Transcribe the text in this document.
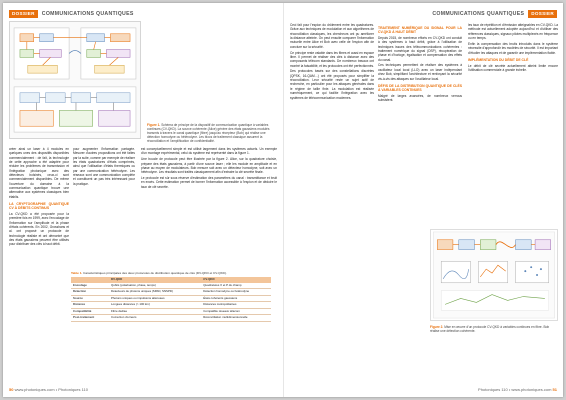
DOSSIER	COMMUNICATIONS QUANTIQUES
Figure 1. Schéma de principe de la dispositif de communication quantique à variables continues (CV-QKD). La source cohérente (Alice) génère des états gaussiens modulés transmis à travers le canal quantique (fibre) jusqu'au récepteur (Bob) qui réalise une détection homodyne ou hétérodyne. Les blocs de traitement classique assurent la réconciliation et l'amplification de confidentialité.

créer ainsi un laser à 4 modules en quelques unes des dispositifs disponibles commercialement : de fait, la technologie de cette approche a été adaptée pour réduire les problèmes de transmission et l'intégration photonique avec des détecteurs bolsinés, ceux-ci sont commercialement disponibles. De même l'ouverture du domaine à la communication quantique trouve une alternative aux systèmes classiques bien établis.

LA CRYPTOGRAPHIE QUANTIQUE CV À DÉBITS CONTINUS

La CV-QKD a été proposée pour la première fois en 1999, avec l'encodage de l'information sur l'amplitude et la phase d'états cohérents. En 2002, Grosshans et al. ont proposé un protocole de technologie réaliste et ont démontré que des états gaussiens peuvent être utilisés pour distribuer des clés à haut débit.

pour augmenter l'information partagée. Mesurer d'autres propositions ont été faites par la suite, comme par exemple de réaliser les états quadratures d'états comprimés, ainsi que l'utilisation d'états thermiques ou par une communication hétérodyne. Les réseaux sont une communication complète et constituent un pas très intéressant pour la pratique.

est conceptuellement simple et est utilisé largement dans les systèmes actuels. Un exemple d'un montage expérimental, celui du système est représenté dans la figure 1.

Une boucle de protocole peut être illustrée par la figure 2. Alice, sur la quadrature choisie, prépare des états gaussiens, à partir d'une source laser ; elle les module en amplitude et en phase au moyen de modulateurs. Bob mesure soit avec un détecteur homodyne, soit avec un hétérodyne. Les résultats sont traités classiquement afin d'extraire la clé secrète finale.

Le protocole est sûr sous réserve d'estimation des paramètres du canal : transmittance et bruit en excès. Cette estimation permet de borner l'information accessible à l'espion et de déduire le taux de clé secrète.

Table 1. Caractéristiques principales des deux protocoles de distribution quantique de clés (DV-QKD et CV-QKD).
	DV-QKD	CV-QKD
Encodage	Qubits (polarisation, phase, temps)	Quadratures X et P du champ
Détection	Détecteurs de photons uniques (SPAD, SNSPD)	Détection homodyne ou hétérodyne
Source	Photons uniques ou impulsions atténuées	États cohérents gaussiens
Distance	Longues distances (> 100 km)	Distances métropolitaines
Compatibilité	Fibre dédiée	Compatible réseaux télécom
Post-traitement	Correction d'erreurs	Réconciliation multidimensionnelle
50 www.photoniques.com • Photoniques 110
COMMUNICATIONS QUANTIQUES	DOSSIER

Ceci fait pour l'espion du drôlement entre les quadratures. Grâce aux techniques de modulation et aux algorithmes de réconciliation classiques, les chercheurs ont pu améliorer la distance atteinte. On peut ensuite comparer l'information mutuelle entre Alice et Bob avec celle de l'espion afin de conclure sur la sécurité.

Ce principe reste valable dans les fibres et aussi en espace libre. Il permet de réaliser des clés à distance avec des composants télécom standards. De nombreux travaux ont montré la faisabilité, et les protocoles ont été perfectionnés.

Des protocoles basés sur des constellations discrètes (QPSK, 16-QAM…) ont été proposés pour simplifier la réconciliation. Leur sécurité reste un sujet actif de recherche, en particulier pour les attaques générales dans le régime de taille finie. La modulation est réalisée numériquement, ce qui facilite l'intégration avec les systèmes de télécommunication modernes.

TRAITEMENT NUMÉRIQUE DU SIGNAL POUR LA CV-QKD À HAUT DÉBIT

Depuis 2015, de nombreux efforts en CV-QKD ont conduit à des systèmes à haut débit, grâce à l'utilisation de techniques issues des télécommunications cohérentes : traitement numérique du signal (DSP), récupération de phase et d'horloge, égalisation et compensation des effets du canal.

Ces techniques permettent de réaliser des systèmes à oscillateur local local (LLO) avec un laser indépendant chez Bob, simplifiant l'architecture et renforçant la sécurité vis-à-vis des attaques sur l'oscillateur local.

DÉFIS DE LA DISTRIBUTION QUANTIQUE DE CLÉS À VARIABLES CONTINUES

Malgré de larges avancées, de nombreux verrous subsistent.

les taux de répétition et d'émission atteignables en CV-QKD. La méthode est actuellement adoptée aujourd'hui et d'utiliser des références classiques, signaux pilotes multiplexés en fréquence ou en temps.

Enfin la compensation des bruits introduits dans le système nécessite d'approfondir les modèles de sécurité. Il est important d'étudier les attaques et de garantir une implémentation fiable.

IMPLÉMENTATION DU DÉBIT DE CLÉ

Le débit de clé secrète actuellement atteint limite encore l'utilisation commerciale à grande échelle.

Figure 2. Mise en œuvre d'un protocole CV-QKD à variables continues en fibre. Bob réalise une détection cohérente.
Photoniques 110 • www.photoniques.com 51
